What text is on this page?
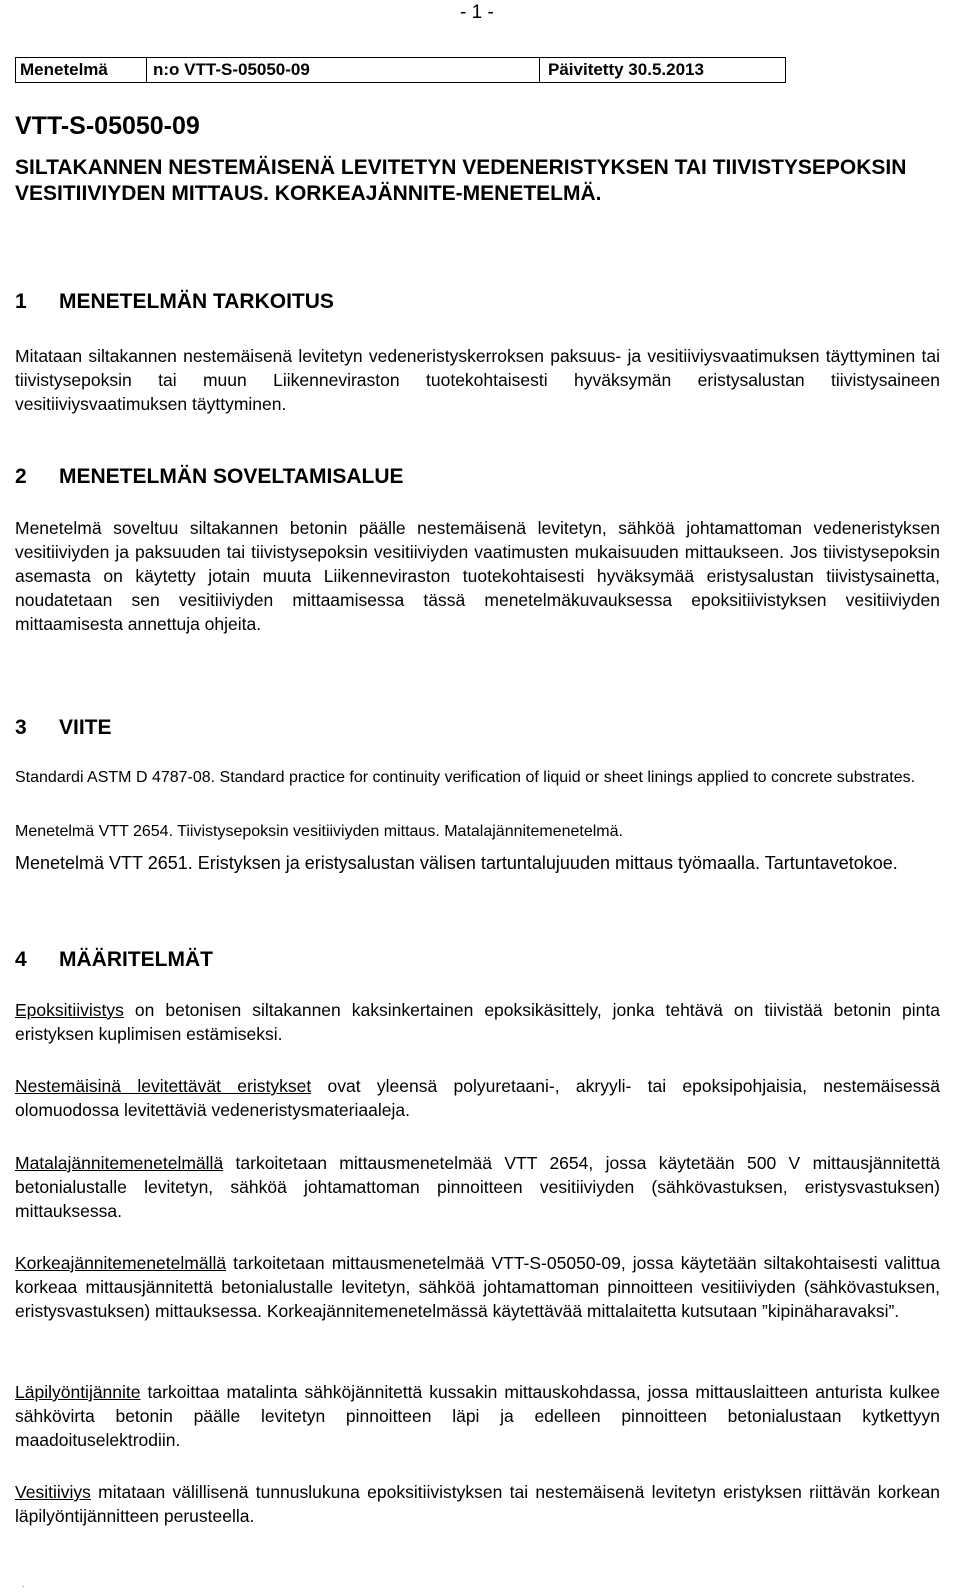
- 1 -
Menetelmä	n:o VTT-S-05050-09	Päivitetty 30.5.2013
VTT-S-05050-09
SILTAKANNEN NESTEMÄISENÄ LEVITETYN VEDENERISTYKSEN TAI TIIVISTYSEPOKSIN VESITIIVIYDEN MITTAUS. KORKEAJÄNNITE-MENETELMÄ.
1 MENETELMÄN TARKOITUS

Mitataan siltakannen nestemäisenä levitetyn vedeneristyskerroksen paksuus- ja vesitiiviysvaatimuksen täyttyminen tai tiivistysepoksin tai muun Liikenneviraston tuotekohtaisesti hyväksymän eristysalustan tiivistysaineen vesitiiviysvaatimuksen täyttyminen.

2 MENETELMÄN SOVELTAMISALUE

Menetelmä soveltuu siltakannen betonin päälle nestemäisenä levitetyn, sähköä johtamattoman vedeneristyksen vesitiiviyden ja paksuuden tai tiivistysepoksin vesitiiviyden vaatimusten mukaisuuden mittaukseen. Jos tiivistysepoksin asemasta on käytetty jotain muuta Liikenneviraston tuotekohtaisesti hyväksymää eristysalustan tiivistysainetta, noudatetaan sen vesitiiviyden mittaamisessa tässä menetelmäkuvauksessa epoksitiivistyksen vesitiiviyden mittaamisesta annettuja ohjeita.

3 VIITE

Standardi ASTM D 4787-08. Standard practice for continuity verification of liquid or sheet linings applied to concrete substrates.

Menetelmä VTT 2654. Tiivistysepoksin vesitiiviyden mittaus. Matalajännitemenetelmä.

Menetelmä VTT 2651. Eristyksen ja eristysalustan välisen tartuntalujuuden mittaus työmaalla. Tartuntavetokoe.

4 MÄÄRITELMÄT

Epoksitiivistys on betonisen siltakannen kaksinkertainen epoksikäsittely, jonka tehtävä on tiivistää betonin pinta eristyksen kuplimisen estämiseksi.

Nestemäisinä levitettävät eristykset ovat yleensä polyuretaani-, akryyli- tai epoksipohjaisia, nestemäisessä olomuodossa levitettäviä vedeneristysmateriaaleja.

Matalajännitemenetelmällä tarkoitetaan mittausmenetelmää VTT 2654, jossa käytetään 500 V mittausjännitettä betonialustalle levitetyn, sähköä johtamattoman pinnoitteen vesitiiviyden (sähkövastuksen, eristysvastuksen) mittauksessa.

Korkeajännitemenetelmällä tarkoitetaan mittausmenetelmää VTT-S-05050-09, jossa käytetään siltakohtaisesti valittua korkeaa mittausjännitettä betonialustalle levitetyn, sähköä johtamattoman pinnoitteen vesitiiviyden (sähkövastuksen, eristysvastuksen) mittauksessa. Korkeajännitemenetelmässä käytettävää mittalaitetta kutsutaan ”kipinäharavaksi”.

Läpilyöntijännite tarkoittaa matalinta sähköjännitettä kussakin mittauskohdassa, jossa mittauslaitteen anturista kulkee sähkövirta betonin päälle levitetyn pinnoitteen läpi ja edelleen pinnoitteen betonialustaan kytkettyyn maadoituselektrodiin.

Vesitiiviys mitataan välillisenä tunnuslukuna epoksitiivistyksen tai nestemäisenä levitetyn eristyksen riittävän korkean läpilyöntijännitteen perusteella.

.
